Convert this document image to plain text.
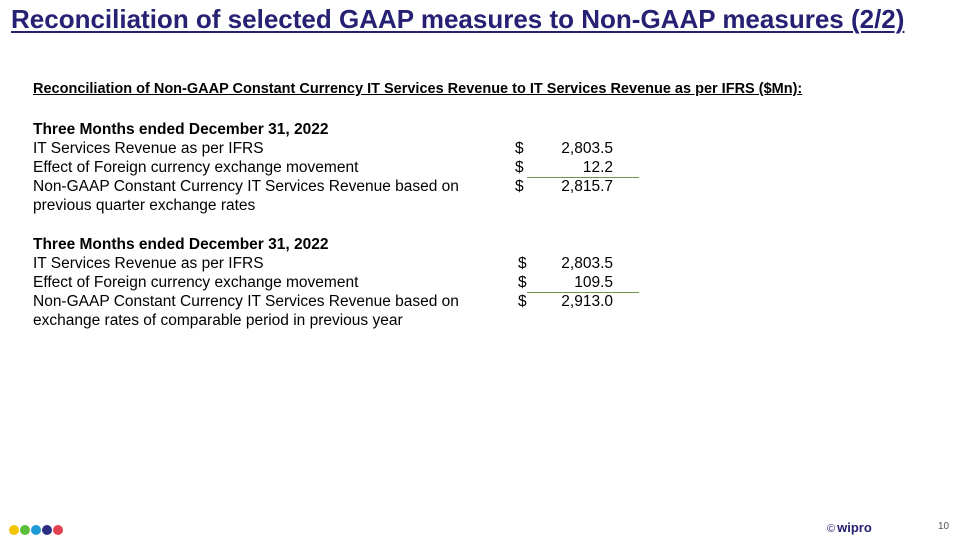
Reconciliation of selected GAAP measures to Non-GAAP measures (2/2)
Reconciliation of Non-GAAP Constant Currency IT Services Revenue to IT Services Revenue as per IFRS ($Mn):
Three Months ended December 31, 2022
IT Services Revenue as per IFRS	$ 2,803.5
Effect of Foreign currency exchange movement	$	12.2
Non-GAAP Constant Currency IT Services Revenue based on	$ 2,815.7
previous quarter exchange rates
Three Months ended December 31, 2022
IT Services Revenue as per IFRS	$ 2,803.5
Effect of Foreign currency exchange movement	$	109.5
Non-GAAP Constant Currency IT Services Revenue based on	$ 2,913.0
exchange rates of comparable period in previous year
© wipro	10
